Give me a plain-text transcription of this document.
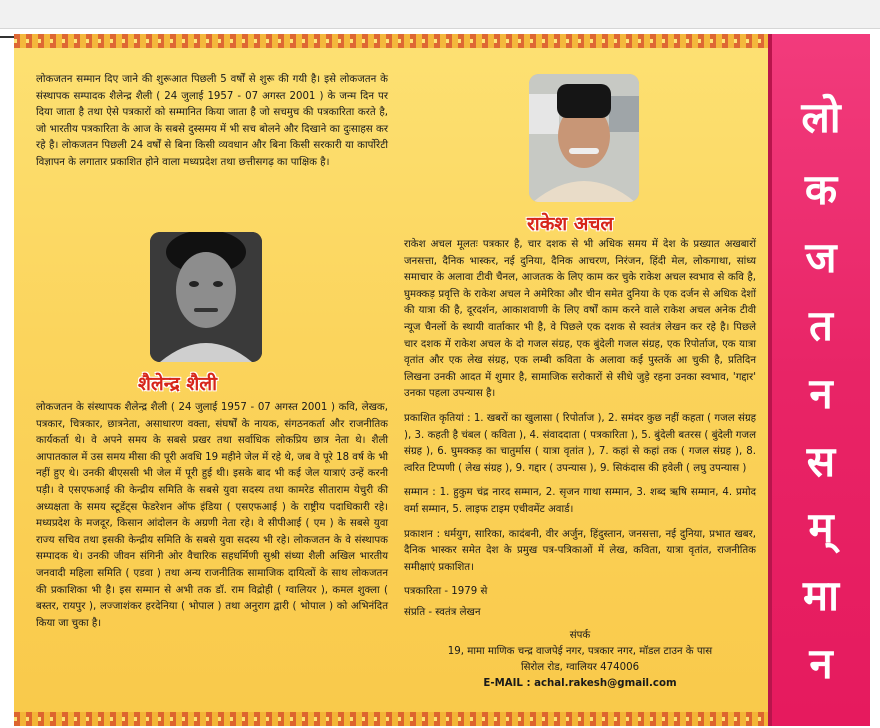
लो
क
ज
त
न
स
म्
मा
न
लोकजतन सम्मान दिए जाने की शुरूआत पिछली 5 वर्षों से शुरू की गयी है। इसे लोकजतन के संस्थापक सम्पादक शैलेन्द्र शैली ( 24 जुलाई 1957 - 07 अगस्त 2001 ) के जन्म दिन पर दिया जाता है तथा ऐसे पत्रकारों को सम्मानित किया जाता है जो सचमुच की पत्रकारिता करते है, जो भारतीय पत्रकारिता के आज के सबसे दुस्समय में भी सच बोलने और दिखाने का दुःसाहस कर रहे है। लोकजतन पिछली 24 वर्षों से बिना किसी व्यवधान और बिना किसी सरकारी या कार्पोरेटी विज्ञापन के लगातार प्रकाशित होने वाला मध्यप्रदेश तथा छत्तीसगढ़ का पाक्षिक है।
शैलेन्द्र शैली
लोकजतन के संस्थापक शैलेन्द्र शैली ( 24 जुलाई 1957 - 07 अगस्त 2001 ) कवि, लेखक, पत्रकार, चित्रकार, छात्रनेता, असाधारण वक्ता, संघर्षों के नायक, संगठनकर्ता और राजनीतिक कार्यकर्ता थे। वे अपने समय के सबसे प्रखर तथा सर्वाधिक लोकप्रिय छात्र नेता थे। शैली आपातकाल में उस समय मीसा की पूरी अवधि 19 महीने जेल में रहे थे, जब वे पूरे 18 वर्ष के भी नहीं हुए थे। उनकी बीएससी भी जेल में पूरी हुई थी। इसके बाद भी कई जेल यात्राएं उन्हें करनी पड़ी। वे एसएफआई की केन्द्रीय समिति के सबसे युवा सदस्य तथा कामरेड सीताराम येचुरी की अध्यक्षता के समय स्टूडेंट्स फेडरेशन ऑफ इंडिया ( एसएफआई ) के राष्ट्रीय पदाधिकारी रहे। मध्यप्रदेश के मजदूर, किसान आंदोलन के अग्रणी नेता रहे। वे सीपीआई ( एम ) के सबसे युवा राज्य सचिव तथा इसकी केन्द्रीय समिति के सबसे युवा सदस्य भी रहे। लोकजतन के वे संस्थापक सम्पादक थे। उनकी जीवन संगिनी ओर वैचारिक सहधर्मिणी सुश्री संध्या शैली अखिल भारतीय जनवादी महिला समिति ( एडवा ) तथा अन्य राजनीतिक सामाजिक दायित्वों के साथ लोकजतन की प्रकाशिका भी है। इस सम्मान से अभी तक डॉ. राम विद्रोही ( ग्वालियर ), कमल शुक्ला ( बस्तर, रायपुर ), लज्जाशंकर हरदेनिया ( भोपाल ) तथा अनुराग द्वारी ( भोपाल ) को अभिनंदित किया जा चुका है।
राकेश अचल

राकेश अचल मूलतः पत्रकार है, चार दशक से भी अधिक समय में देश के प्रख्यात अखबारों जनसत्ता, दैनिक भास्कर, नई दुनिया, दैनिक आचरण, निरंजन, हिंदी मेल, लोकगाथा, सांध्य समाचार के अलावा टीवी चैनल, आजतक के लिए काम कर चुके राकेश अचल स्वभाव से कवि है, घुमक्कड़ प्रवृत्ति के राकेश अचल ने अमेरिका और चीन समेत दुनिया के एक दर्जन से अधिक देशों की यात्रा की है, दूरदर्शन, आकाशवाणी के लिए वर्षों काम करने वाले राकेश अचल अनेक टीवी न्यूज चैनलों के स्थायी वार्ताकार भी है, वे पिछले एक दशक से स्वतंत्र लेखन कर रहे है। पिछले चार दशक में राकेश अचल के दो गजल संग्रह, एक बुंदेली गजल संग्रह, एक रिपोर्ताज, एक यात्रा वृतांत और एक लेख संग्रह, एक लम्बी कविता के अलावा कई पुस्तकें आ चुकी है, प्रतिदिन लिखना उनकी आदत में शुमार है, सामाजिक सरोकारों से सीधे जुड़े रहना उनका स्वभाव, 'गद्दार' उनका पहला उपन्यास है।

प्रकाशित कृतियां : 1. खबरों का खुलासा ( रिपोर्ताज ), 2. समंदर कुछ नहीं कहता ( गजल संग्रह ), 3. कहती है चंबल ( कविता ), 4. संवाददाता ( पत्रकारिता ), 5. बुंदेली बतरस ( बुंदेली गजल संग्रह ), 6. घुमक्कड़ का चातुर्मास ( यात्रा वृतांत ), 7. कहां से कहां तक ( गजल संग्रह ), 8. त्वरित टिप्पणी ( लेख संग्रह ), 9. गद्दार ( उपन्यास ), 9. सिकंदास की हवेली ( लघु उपन्यास )

सम्मान : 1. हुकुम चंद्र नारद सम्मान, 2. सृजन गाथा सम्मान, 3. शब्द ऋषि सम्मान, 4. प्रमोद वर्मा सम्मान, 5. लाइफ टाइम एचीवमेंट अवार्ड।

प्रकाशन : धर्मयुग, सारिका, कादंबनी, वीर अर्जुन, हिंदुस्तान, जनसत्ता, नई दुनिया, प्रभात खबर, दैनिक भास्कर समेत देश के प्रमुख पत्र-पत्रिकाओं में लेख, कविता, यात्रा वृतांत, राजनीतिक समीक्षाएं प्रकाशित।

पत्रकारिता - 1979 से

संप्रति - स्वतंत्र लेखन

संपर्क
19, मामा माणिक चन्द्र वाजपेई नगर, पत्रकार नगर, मॉडल टाउन के पास
सिरोल रोड, ग्वालियर 474006
E-MAIL : achal.rakesh@gmail.com
